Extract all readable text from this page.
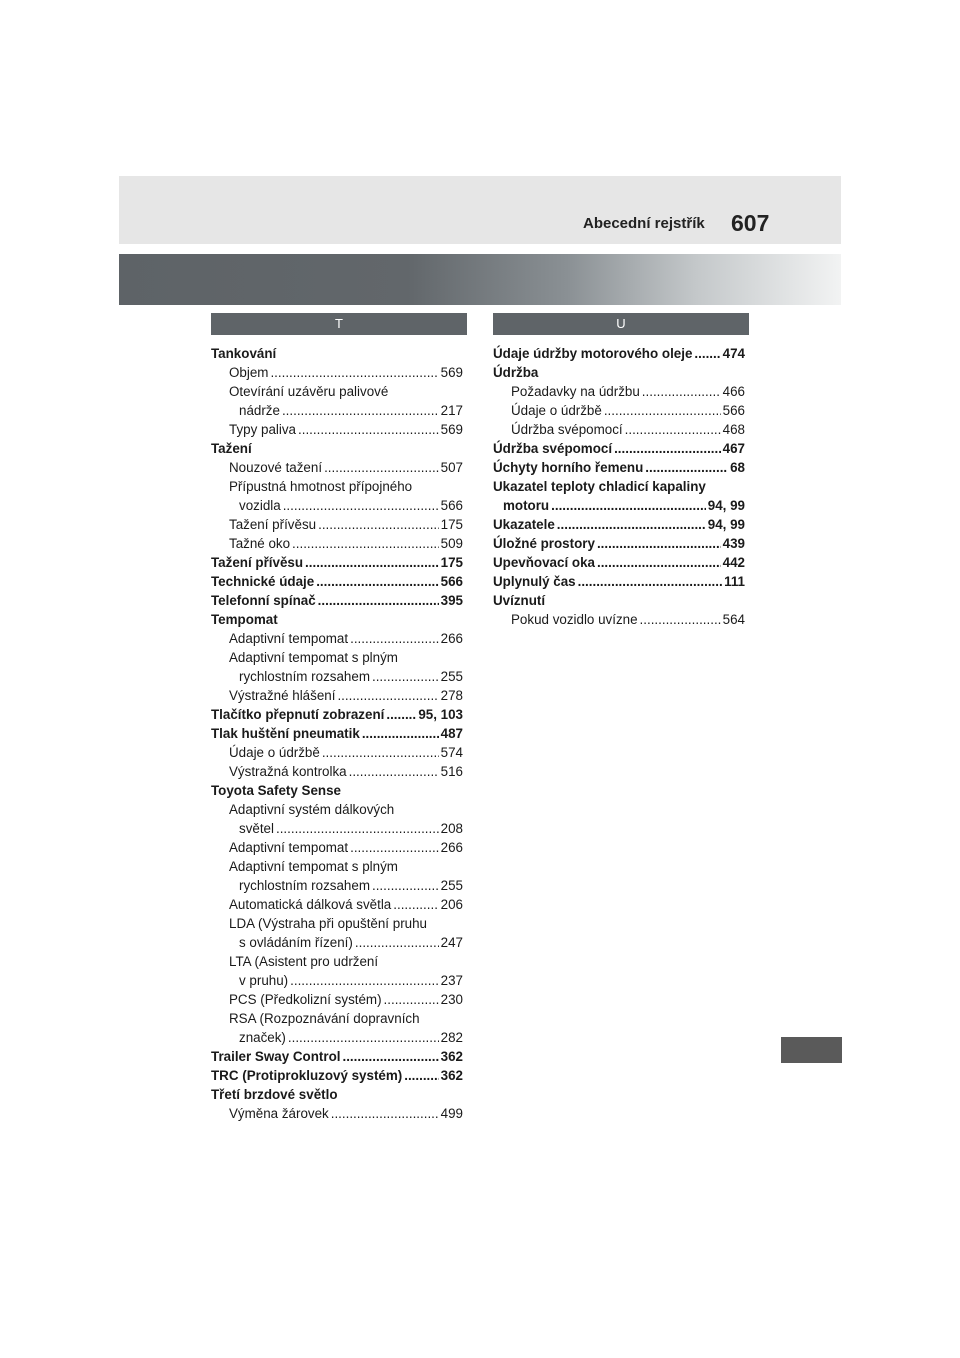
Abecední rejstřík 607
T	U
Tankování
Objem .....	569
Otevírání uzávěru palivové
nádrže .....	217
Typy paliva .....	569
Tažení
Nouzové tažení .....	507
Přípustná hmotnost přípojného
vozidla .....	566
Tažení přívěsu .....	175
Tažné oko .....	509
Tažení přívěsu .....	175
Technické údaje .....	566
Telefonní spínač .....	395
Tempomat
Adaptivní tempomat .....	266
Adaptivní tempomat s plným
rychlostním rozsahem .....	255
Výstražné hlášení .....	278
Tlačítko přepnutí zobrazení .....	95, 103
Tlak huštění pneumatik .....	487
Údaje o údržbě .....	574
Výstražná kontrolka .....	516
Toyota Safety Sense
Adaptivní systém dálkových
světel .....	208
Adaptivní tempomat .....	266
Adaptivní tempomat s plným
rychlostním rozsahem .....	255
Automatická dálková světla .....	206
LDA (Výstraha při opuštění pruhu
s ovládáním řízení) .....	247
LTA (Asistent pro udržení
v pruhu) .....	237
PCS (Předkolizní systém) .....	230
RSA (Rozpoznávání dopravních
značek) .....	282
Trailer Sway Control .....	362
TRC (Protiprokluzový systém) .....	362
Třetí brzdové světlo
Výměna žárovek .....	499
Údaje údržby motorového oleje ..... 474
Údržba
Požadavky na údržbu .....	466
Údaje o údržbě .....	566
Údržba svépomocí .....	468
Údržba svépomocí .....	467
Úchyty horního řemenu .....	68
Ukazatel teploty chladicí kapaliny
motoru .....	94, 99
Ukazatele .....	94, 99
Úložné prostory .....	439
Upevňovací oka .....	442
Uplynulý čas .....	111
Uvíznutí
Pokud vozidlo uvízne .....	564
